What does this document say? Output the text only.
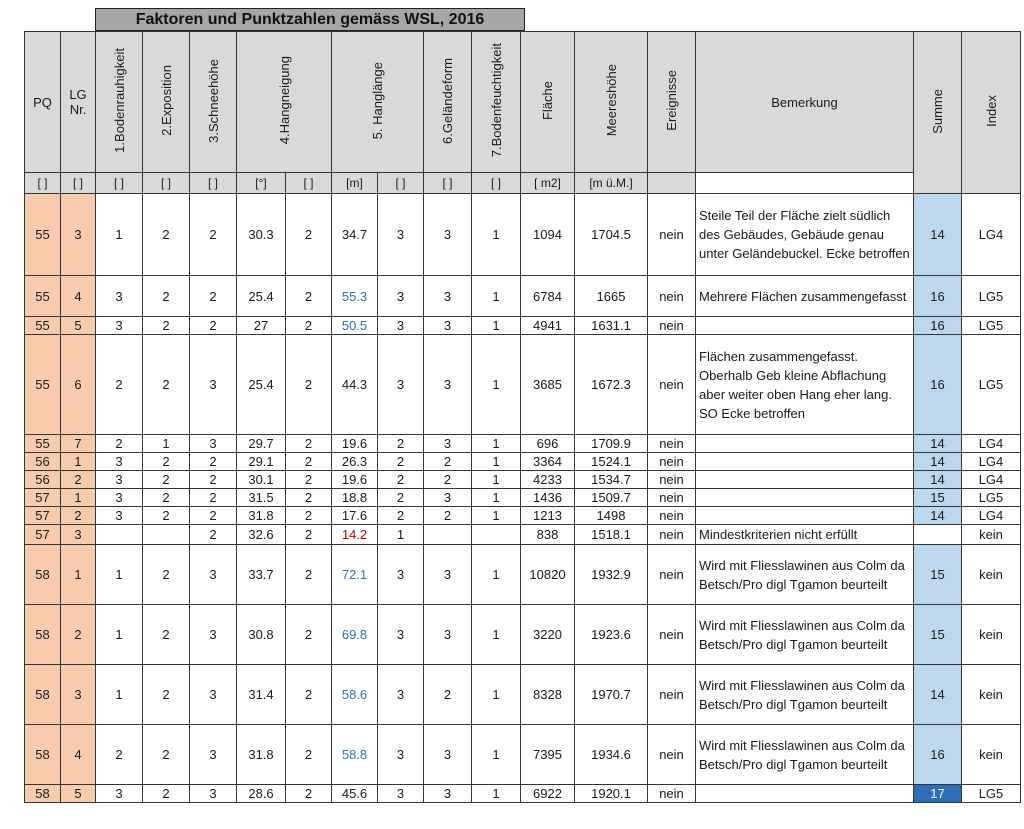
Faktoren und Punktzahlen gemäss WSL, 2016
PQ	LG Nr.	1.Bodenrauhigkeit	2.Exposition	3.Schneehöhe	4.Hangneigung		5. Hanglänge		6.Geländeform	7.Bodenfeuchtigkeit	Fläche	Meereshöhe	Ereignisse	Bemerkung	Summe	Index
[ ]	[ ]	[ ]	[ ]	[ ]	[°]	[ ]	[m]	[ ]	[ ]	[ ]	[ m2]	[m ü.M.]				
55	3	1	2	2	30.3	2	34.7	3	3	1	1094	1704.5	nein	Steile Teil der Fläche zielt südlich des Gebäudes, Gebäude genau unter Geländebuckel. Ecke betroffen	14	LG4
55	4	3	2	2	25.4	2	55.3	3	3	1	6784	1665	nein	Mehrere Flächen zusammengefasst	16	LG5
55	5	3	2	2	27	2	50.5	3	3	1	4941	1631.1	nein		16	LG5
55	6	2	2	3	25.4	2	44.3	3	3	1	3685	1672.3	nein	Flächen zusammengefasst. Oberhalb Geb kleine Abflachung aber weiter oben Hang eher lang. SO Ecke betroffen	16	LG5
55	7	2	1	3	29.7	2	19.6	2	3	1	696	1709.9	nein		14	LG4
56	1	3	2	2	29.1	2	26.3	2	2	1	3364	1524.1	nein		14	LG4
56	2	3	2	2	30.1	2	19.6	2	2	1	4233	1534.7	nein		14	LG4
57	1	3	2	2	31.5	2	18.8	2	3	1	1436	1509.7	nein		15	LG5
57	2	3	2	2	31.8	2	17.6	2	2	1	1213	1498	nein		14	LG4
57	3			2	32.6	2	14.2	1			838	1518.1	nein	Mindestkriterien nicht erfüllt		kein
58	1	1	2	3	33.7	2	72.1	3	3	1	10820	1932.9	nein	Wird mit Fliesslawinen aus Colm da Betsch/Pro digl Tgamon beurteilt	15	kein
58	2	1	2	3	30.8	2	69.8	3	3	1	3220	1923.6	nein	Wird mit Fliesslawinen aus Colm da Betsch/Pro digl Tgamon beurteilt	15	kein
58	3	1	2	3	31.4	2	58.6	3	2	1	8328	1970.7	nein	Wird mit Fliesslawinen aus Colm da Betsch/Pro digl Tgamon beurteilt	14	kein
58	4	2	2	3	31.8	2	58.8	3	3	1	7395	1934.6	nein	Wird mit Fliesslawinen aus Colm da Betsch/Pro digl Tgamon beurteilt	16	kein
58	5	3	2	3	28.6	2	45.6	3	3	1	6922	1920.1	nein		17	LG5
